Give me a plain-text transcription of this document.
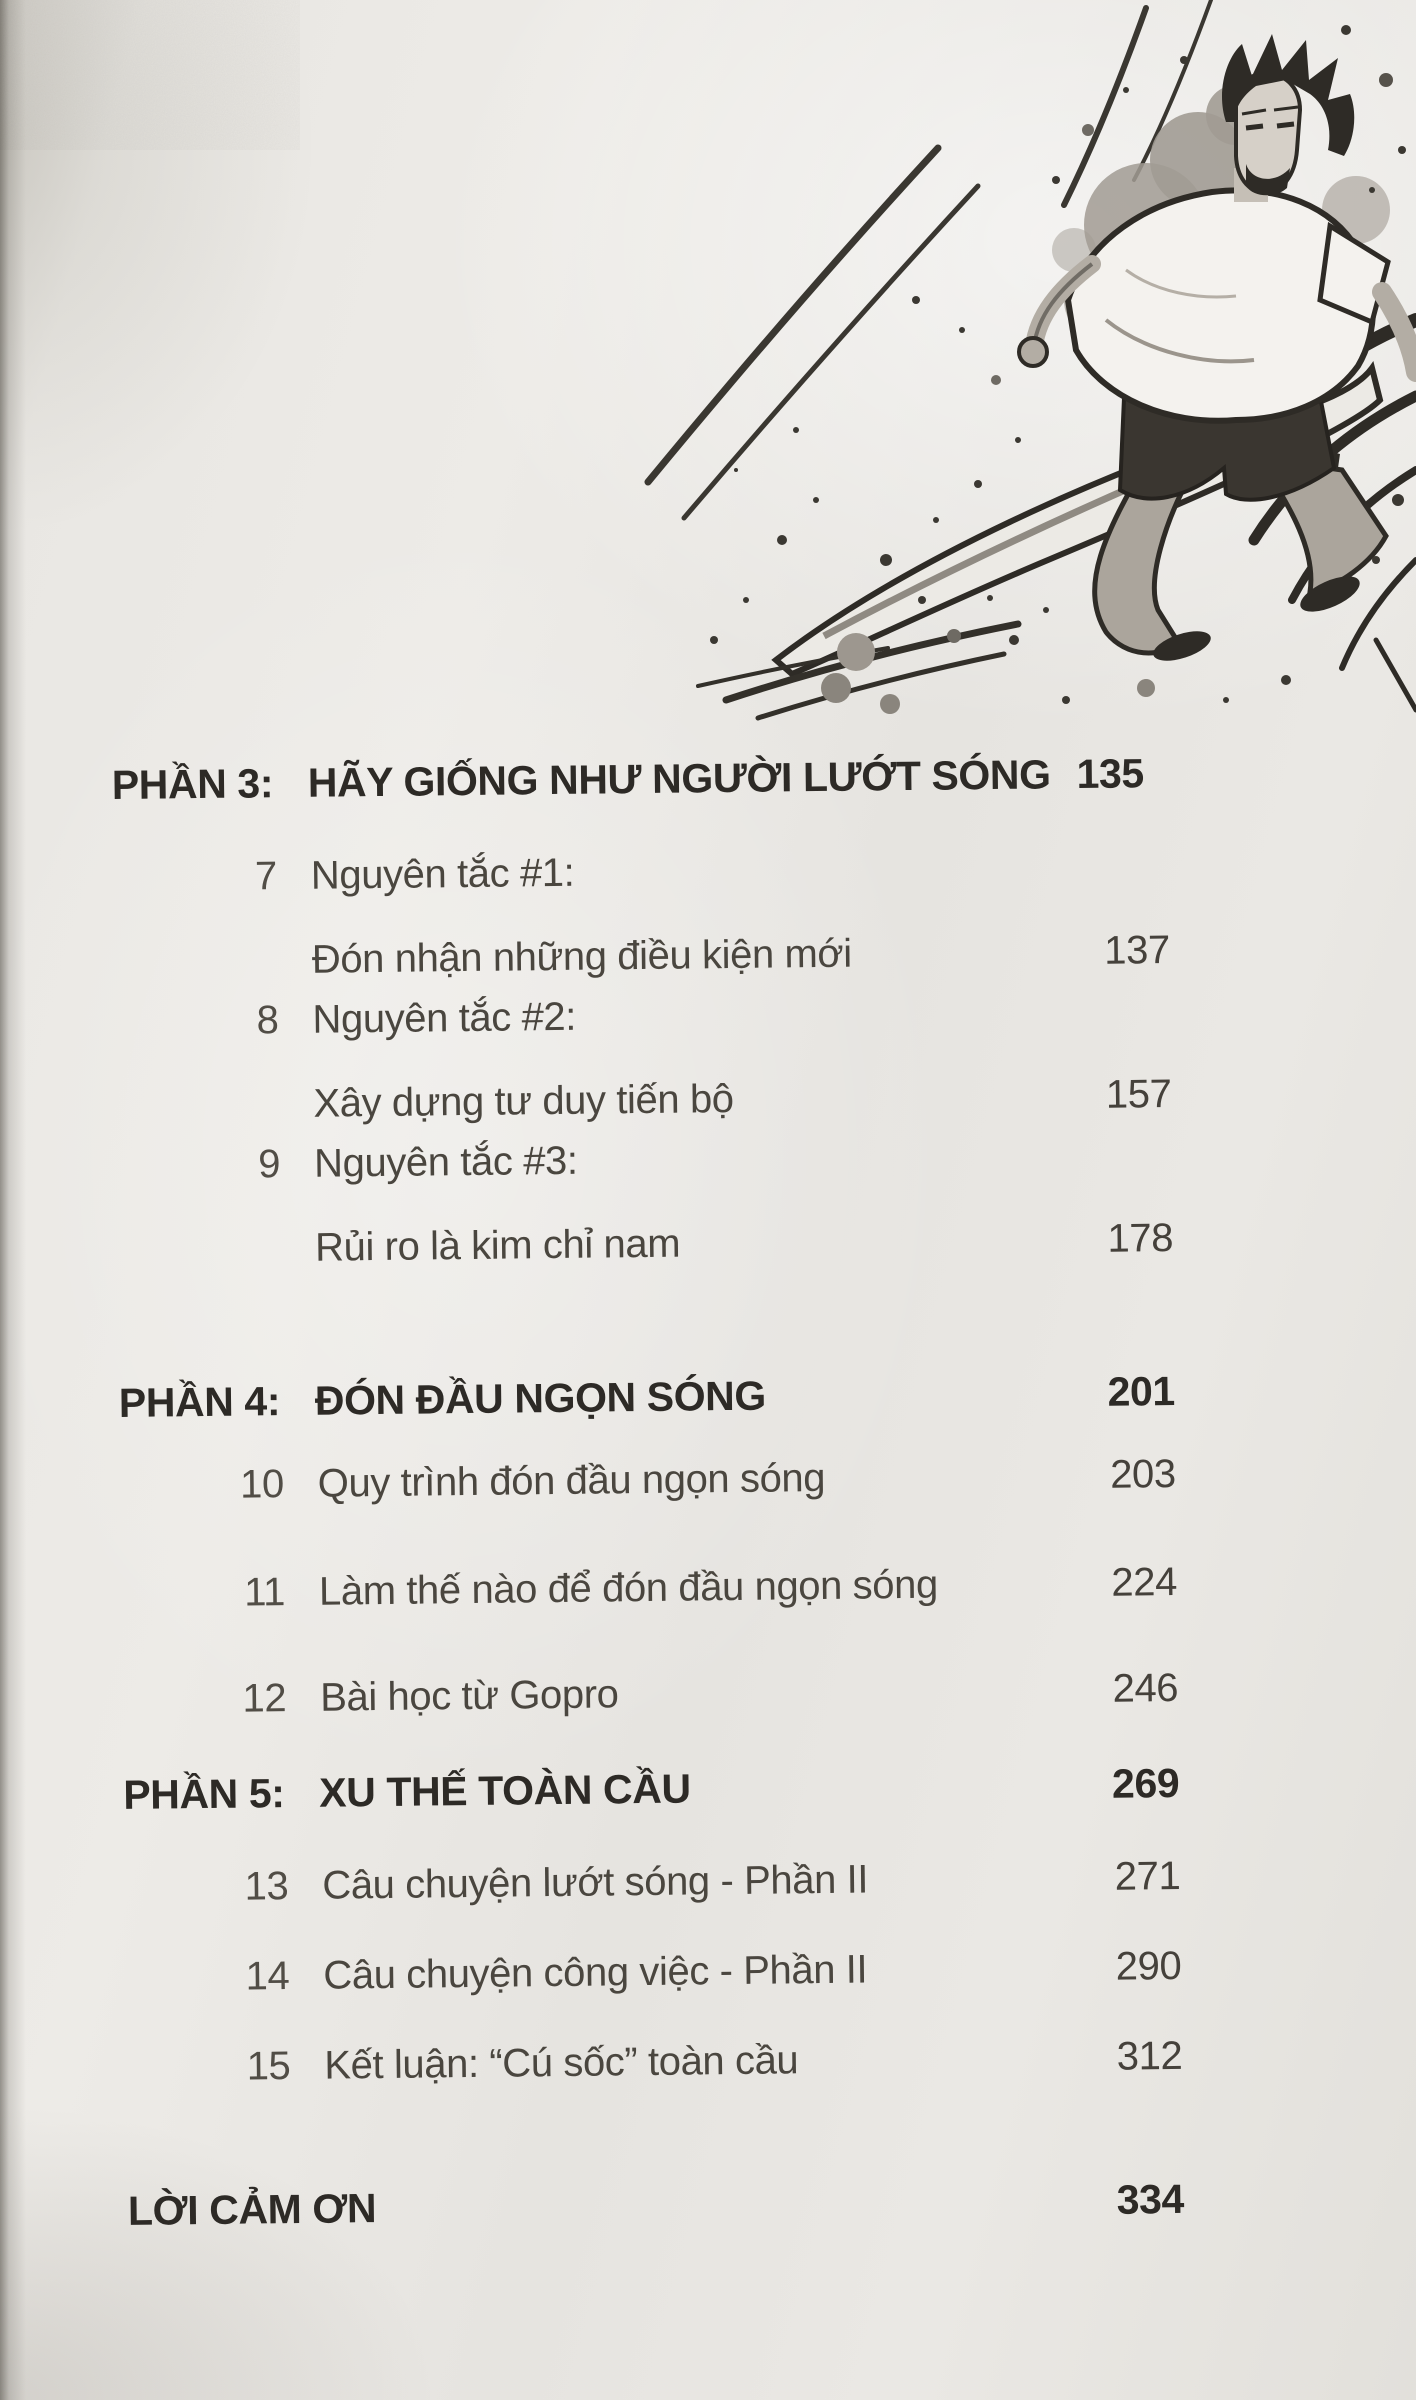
PHẦN 3: HÃY GIỐNG NHƯ NGƯỜI LƯỚT SÓNG 135
7 Nguyên tắc #1:
Đón nhận những điều kiện mới	137
8 Nguyên tắc #2:
Xây dựng tư duy tiến bộ	157
9 Nguyên tắc #3:
Rủi ro là kim chỉ nam	178
PHẦN 4: ĐÓN ĐẦU NGỌN SÓNG	201
10 Quy trình đón đầu ngọn sóng	203
11 Làm thế nào để đón đầu ngọn sóng	224
12 Bài học từ Gopro	246
PHẦN 5: XU THẾ TOÀN CẦU	269
13 Câu chuyện lướt sóng - Phần II	271
14 Câu chuyện công việc - Phần II	290
15 Kết luận: “Cú sốc” toàn cầu	312
LỜI CẢM ƠN	334
